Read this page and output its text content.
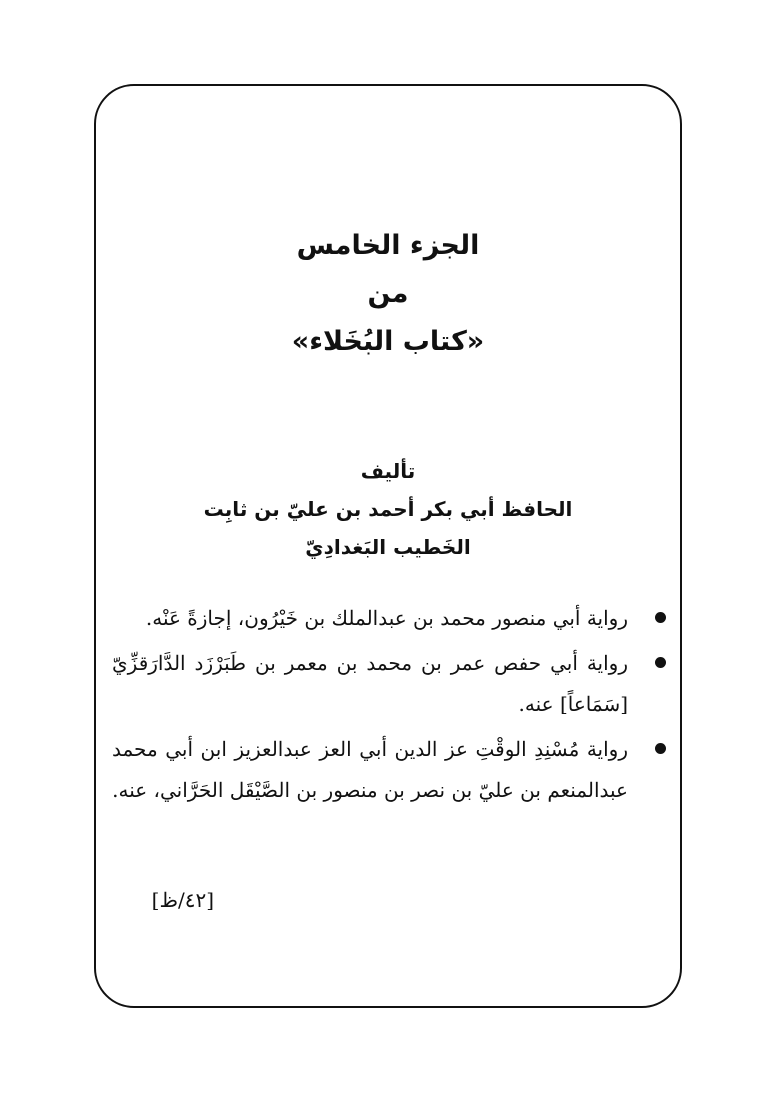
الجزء الخامس

من

«كتاب البُخَلاء»

تأليف

الحافظ أبي بكر أحمد بن عليّ بن ثابِت

الخَطيب البَغدادِيّ

رواية أبي منصور محمد بن عبدالملك بن خَيْرُون، إجازةً عَنْه.
رواية أبي حفص عمر بن محمد بن معمر بن طَبَرْزَد الدَّارَقزِّيّ [سَمَاعاً] عنه.
رواية مُسْنِدِ الوقْتِ عز الدين أبي العز عبدالعزيز ابن أبي محمد عبدالمنعم بن عليّ بن نصر بن منصور بن الصَّيْقَل الحَرَّاني، عنه.
[٤٢/ظ]
